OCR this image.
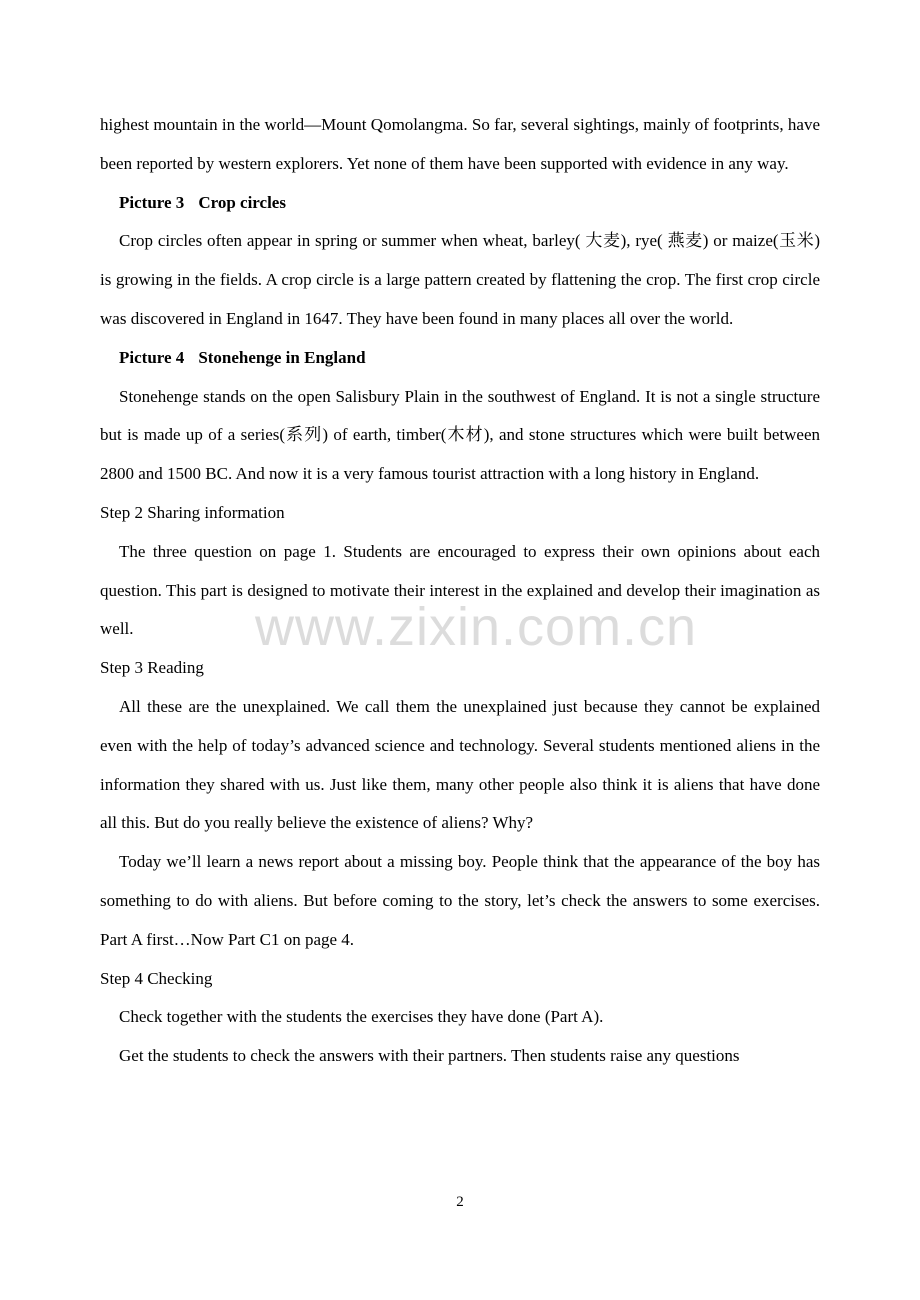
highest mountain in the world—Mount Qomolangma. So far, several sightings, mainly of footprints, have been reported by western explorers. Yet none of them have been supported with evidence in any way.

Picture 3 Crop circles

Crop circles often appear in spring or summer when wheat, barley( 大麦), rye( 燕麦) or maize(玉米) is growing in the fields. A crop circle is a large pattern created by flattening the crop. The first crop circle was discovered in England in 1647. They have been found in many places all over the world.

Picture 4 Stonehenge in England

Stonehenge stands on the open Salisbury Plain in the southwest of England. It is not a single structure but is made up of a series(系列) of earth, timber(木材), and stone structures which were built between 2800 and 1500 BC. And now it is a very famous tourist attraction with a long history in England.

Step 2 Sharing information

The three question on page 1. Students are encouraged to express their own opinions about each question. This part is designed to motivate their interest in the explained and develop their imagination as well.

Step 3 Reading

All these are the unexplained. We call them the unexplained just because they cannot be explained even with the help of today’s advanced science and technology. Several students mentioned aliens in the information they shared with us. Just like them, many other people also think it is aliens that have done all this. But do you really believe the existence of aliens? Why?

Today we’ll learn a news report about a missing boy. People think that the appearance of the boy has something to do with aliens. But before coming to the story, let’s check the answers to some exercises. Part A first…Now Part C1 on page 4.

Step 4 Checking

Check together with the students the exercises they have done (Part A).

Get the students to check the answers with their partners. Then students raise any questions

www.zixin.com.cn
2
